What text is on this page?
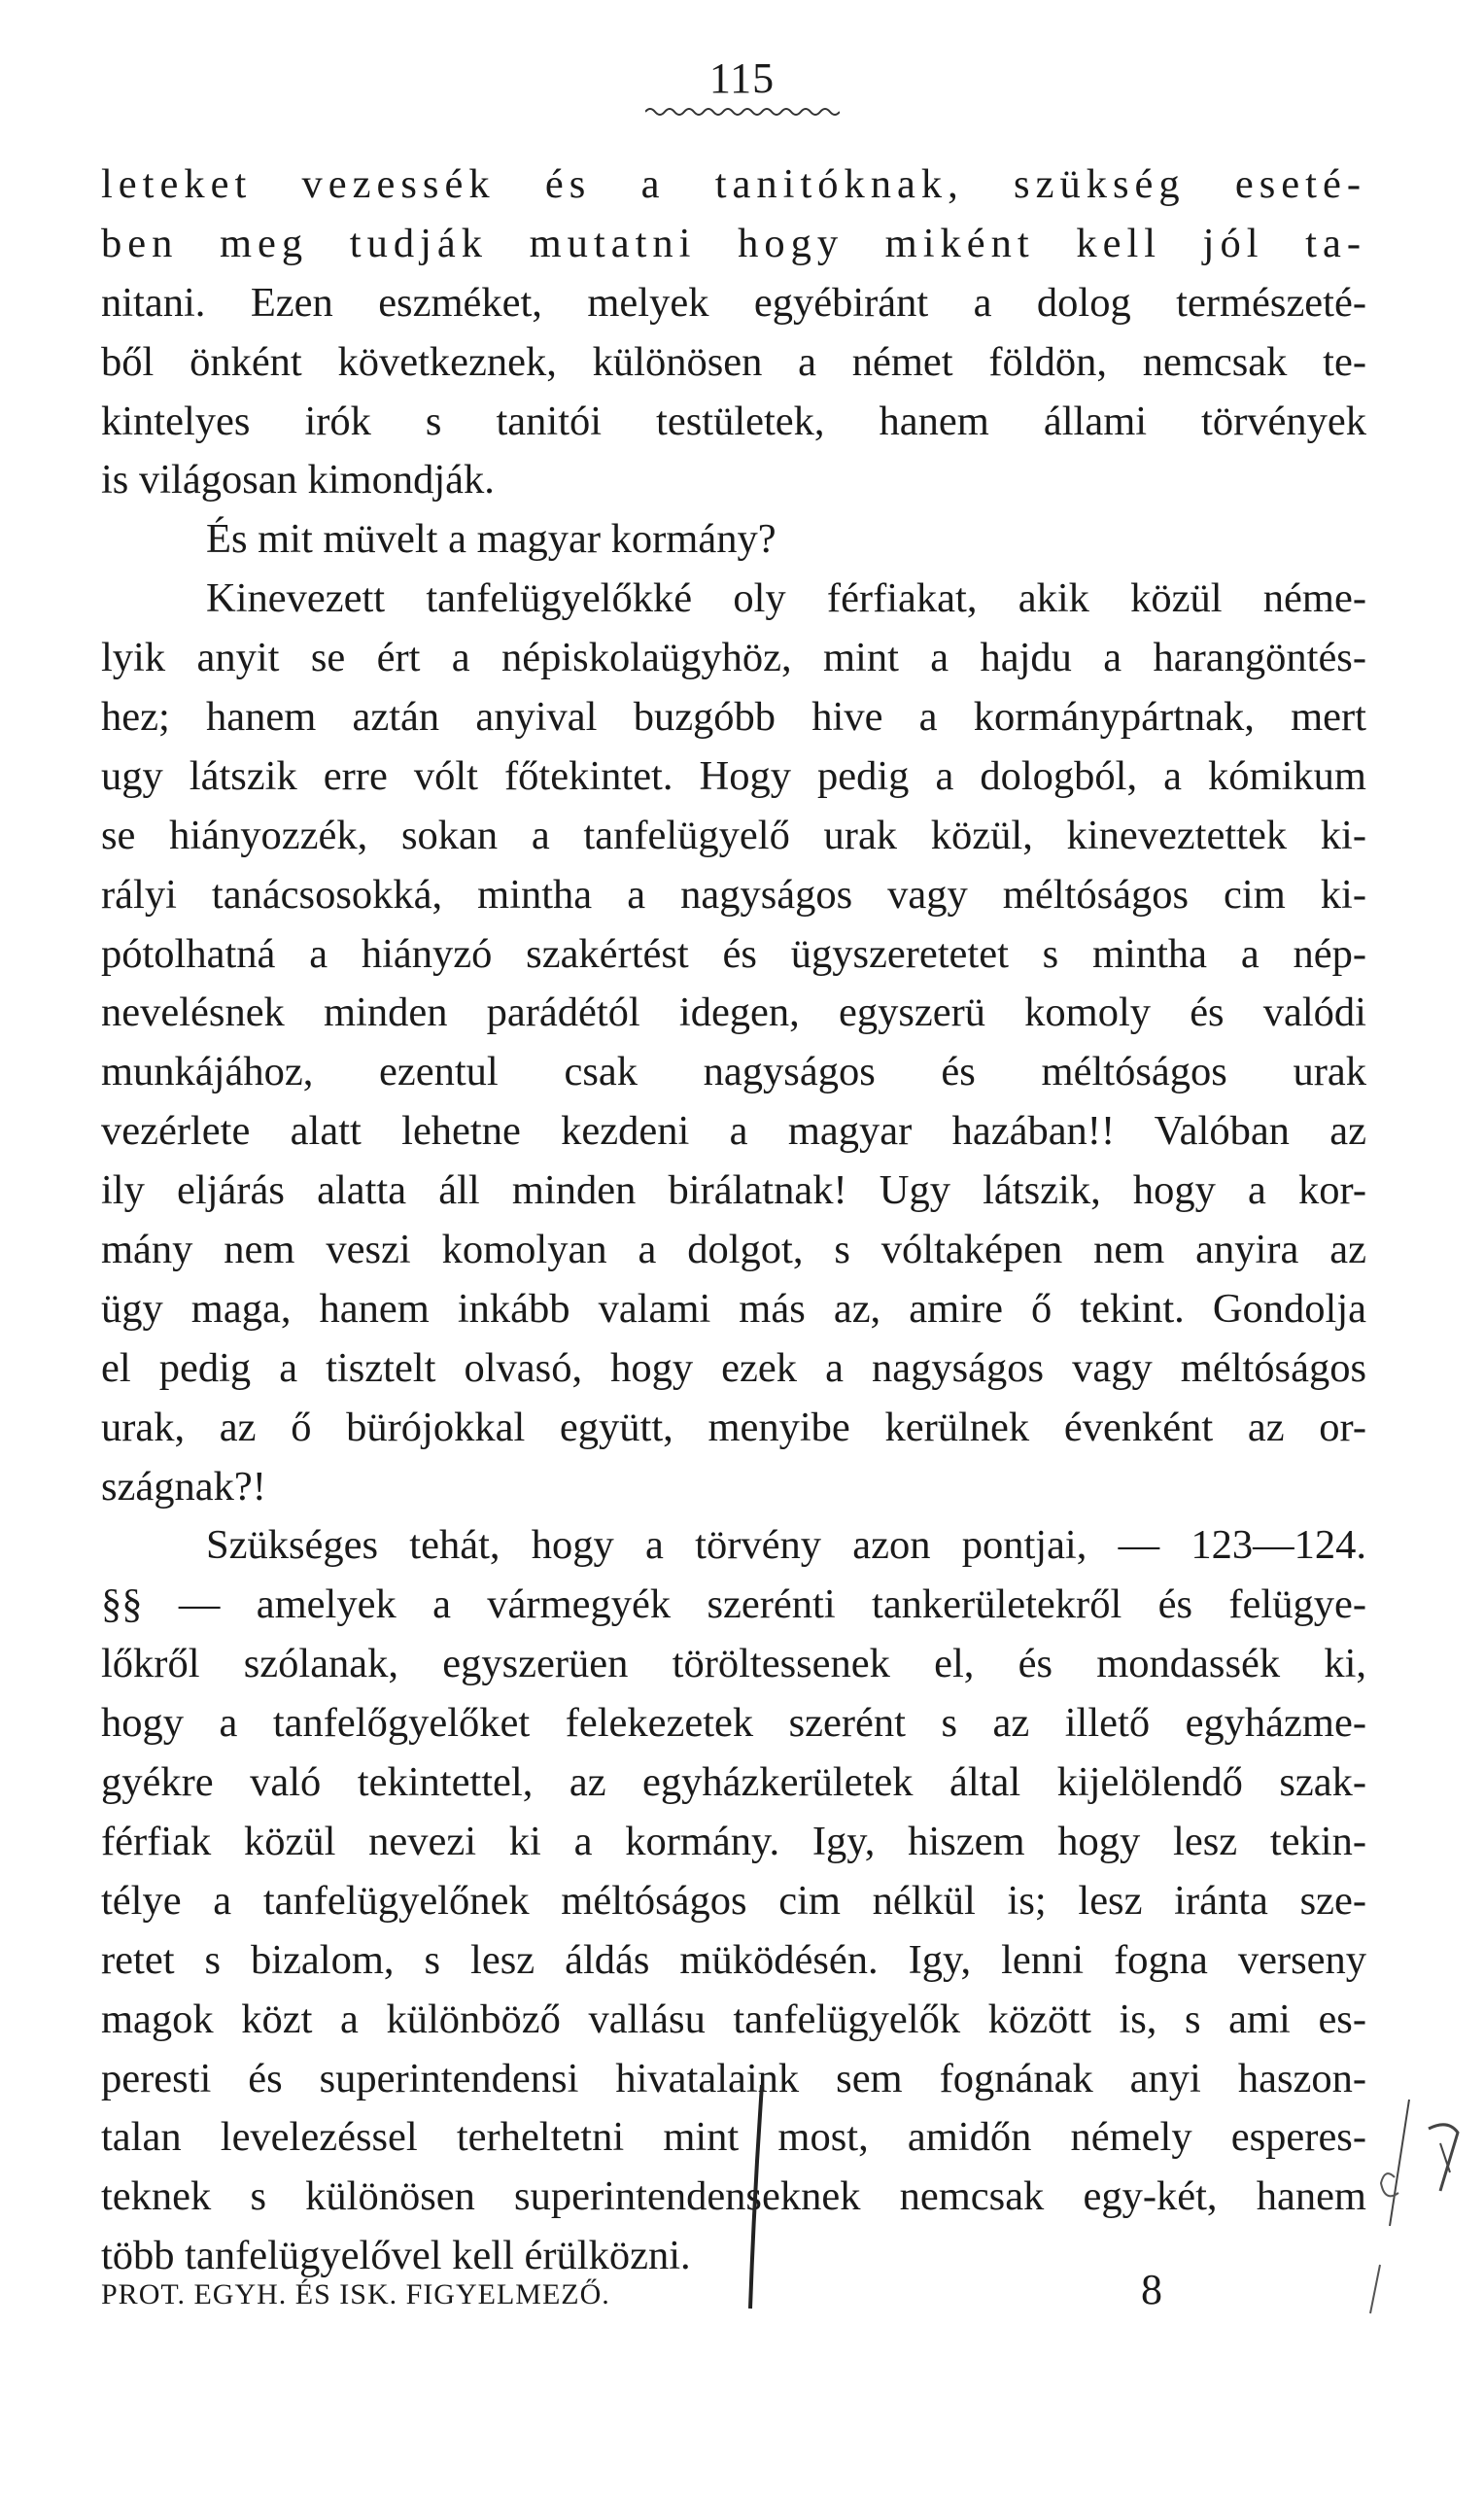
115
leteket vezessék és a tanitóknak, szükség eseté-
ben meg tudják mutatni hogy miként kell jól ta-
nitani. Ezen eszméket, melyek egyébiránt a dolog természeté-
ből önként következnek, különösen a német földön, nemcsak te-
kintelyes irók s tanitói testületek, hanem állami törvények
is világosan kimondják.
És mit müvelt a magyar kormány?
Kinevezett tanfelügyelőkké oly férfiakat, akik közül néme-
lyik anyit se ért a népiskolaügyhöz, mint a hajdu a harangöntés-
hez; hanem aztán anyival buzgóbb hive a kormánypártnak, mert
ugy látszik erre vólt főtekintet. Hogy pedig a dologból, a kómikum
se hiányozzék, sokan a tanfelügyelő urak közül, kineveztettek ki-
rályi tanácsosokká, mintha a nagyságos vagy méltóságos cim ki-
pótolhatná a hiányzó szakértést és ügyszeretetet s mintha a nép-
nevelésnek minden parádétól idegen, egyszerü komoly és valódi
munkájához, ezentul csak nagyságos és méltóságos urak
vezérlete alatt lehetne kezdeni a magyar hazában!! Valóban az
ily eljárás alatta áll minden birálatnak! Ugy látszik, hogy a kor-
mány nem veszi komolyan a dolgot, s vóltaképen nem anyira az
ügy maga, hanem inkább valami más az, amire ő tekint. Gondolja
el pedig a tisztelt olvasó, hogy ezek a nagyságos vagy méltóságos
urak, az ő bürójokkal együtt, menyibe kerülnek évenként az or-
szágnak?!
Szükséges tehát, hogy a törvény azon pontjai, — 123—124.
§§ — amelyek a vármegyék szerénti tankerületekről és felügye-
lőkről szólanak, egyszerüen töröltessenek el, és mondassék ki,
hogy a tanfelőgyelőket felekezetek szerént s az illető egyházme-
gyékre való tekintettel, az egyházkerületek által kijelölendő szak-
férfiak közül nevezi ki a kormány. Igy, hiszem hogy lesz tekin-
télye a tanfelügyelőnek méltóságos cim nélkül is; lesz iránta sze-
retet s bizalom, s lesz áldás müködésén. Igy, lenni fogna verseny
magok közt a különböző vallásu tanfelügyelők között is, s ami es-
peresti és superintendensi hivatalaink sem fognának anyi haszon-
talan levelezéssel terheltetni mint most, amidőn némely esperes-
teknek s különösen superintendenseknek nemcsak egy-két, hanem
több tanfelügyelővel kell érülközni.
PROT. EGYH. ÉS ISK. FIGYELMEZŐ.	8
